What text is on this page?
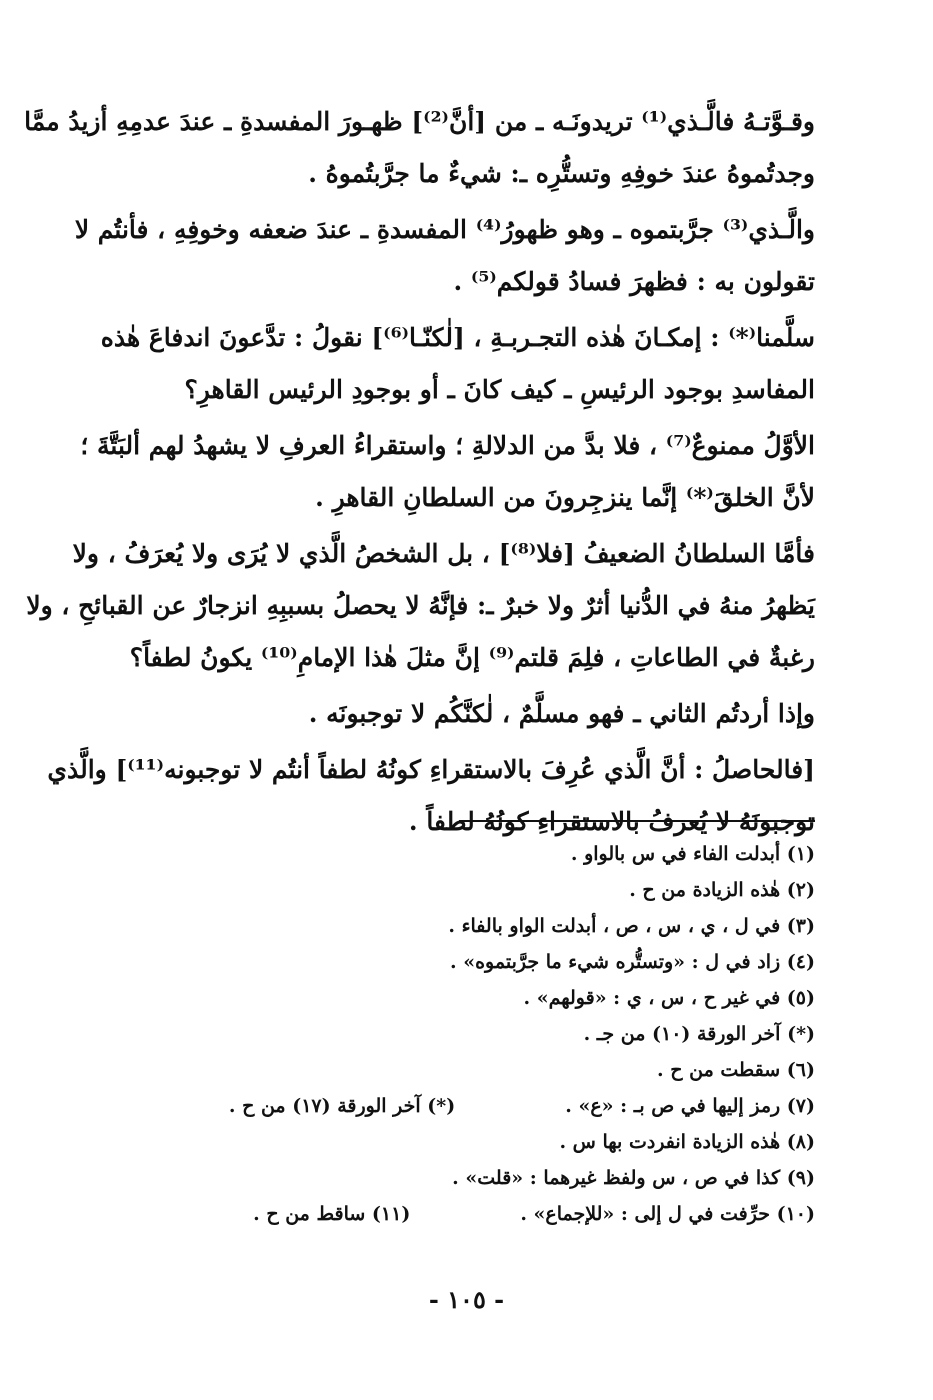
وقـوَّتـهُ فالَّـذي⁽¹⁾ تريدونَـه ـ من [أنَّ⁽²⁾] ظهـورَ المفسدةِ ـ عندَ عدمِهِ أزيدُ ممَّا
وجدتُموهُ عندَ خوفِهِ وتستُّرِه ـ: شيءٌ ما جرَّبتُموهُ .
والَّـذي⁽³⁾ جرَّبتموه ـ وهو ظهورُ⁽⁴⁾ المفسدةِ ـ عندَ ضعفه وخوفِهِ ، فأنتُم لا
تقولون به : فظهرَ فسادُ قولكم⁽⁵⁾ .
سلَّمنا⁽*⁾ : إمكـانَ هٰذه التجـربـةِ ، [لٰكنّـا⁽⁶⁾] نقولُ : تدَّعونَ اندفاعَ هٰذه
المفاسدِ بوجود الرئيسِ ـ كيف كانَ ـ أو بوجودِ الرئيس القاهرِ؟
الأوَّلُ ممنوعٌ⁽⁷⁾ ، فلا بدَّ من الدلالةِ ؛ واستقراءُ العرفِ لا يشهدُ لهم ألبَتَّةَ ؛
لأنَّ الخلقَ⁽*⁾ إنَّما ينزجِرونَ من السلطانِ القاهرِ .
فأمَّا السلطانُ الضعيفُ [فلا⁽⁸⁾] ، بل الشخصُ الَّذي لا يُرَى ولا يُعرَفُ ، ولا
يَظهرُ منهُ في الدُّنيا أثرٌ ولا خبرٌ ـ: فإنَّهُ لا يحصلُ بسببِهِ انزجارٌ عن القبائحِ ، ولا
رغبةٌ في الطاعاتِ ، فلِمَ قلتم⁽⁹⁾ إنَّ مثلَ هٰذا الإمامِ⁽¹⁰⁾ يكونُ لطفاً؟
وإذا أردتُم الثاني ـ فهو مسلَّمٌ ، لٰكنَّكُم لا توجبونَه .
[فالحاصلُ : أنَّ الَّذي عُرِفَ بالاستقراءِ كونُهُ لطفاً أنتُم لا توجبونه⁽¹¹⁾] والَّذي
توجبونَهُ لا يُعرفُ بالاستقراءِ كونُهُ لطفاً .
(١) أبدلت الفاء في س بالواو .
(٢) هٰذه الزيادة من ح .
(٣) في ل ، ي ، س ، ص ، أبدلت الواو بالفاء .
(٤) زاد في ل : «وتستُّره شيء ما جرَّبتموه» .
(٥) في غير ح ، س ، ي : «قولهم» .
(*) آخر الورقة (١٠) من جـ .
(٦) سقطت من ح .
(٧) رمز إليها في ص بـ : «ع» .
(*) آخر الورقة (١٧) من ح .
(٨) هٰذه الزيادة انفردت بها س .
(٩) كذا في ص ، س ولفظ غيرهما : «قلت» .
(١٠) حرِّفت في ل إلى : «للإجماع» .
(١١) ساقط من ح .
- ١٠٥ -
